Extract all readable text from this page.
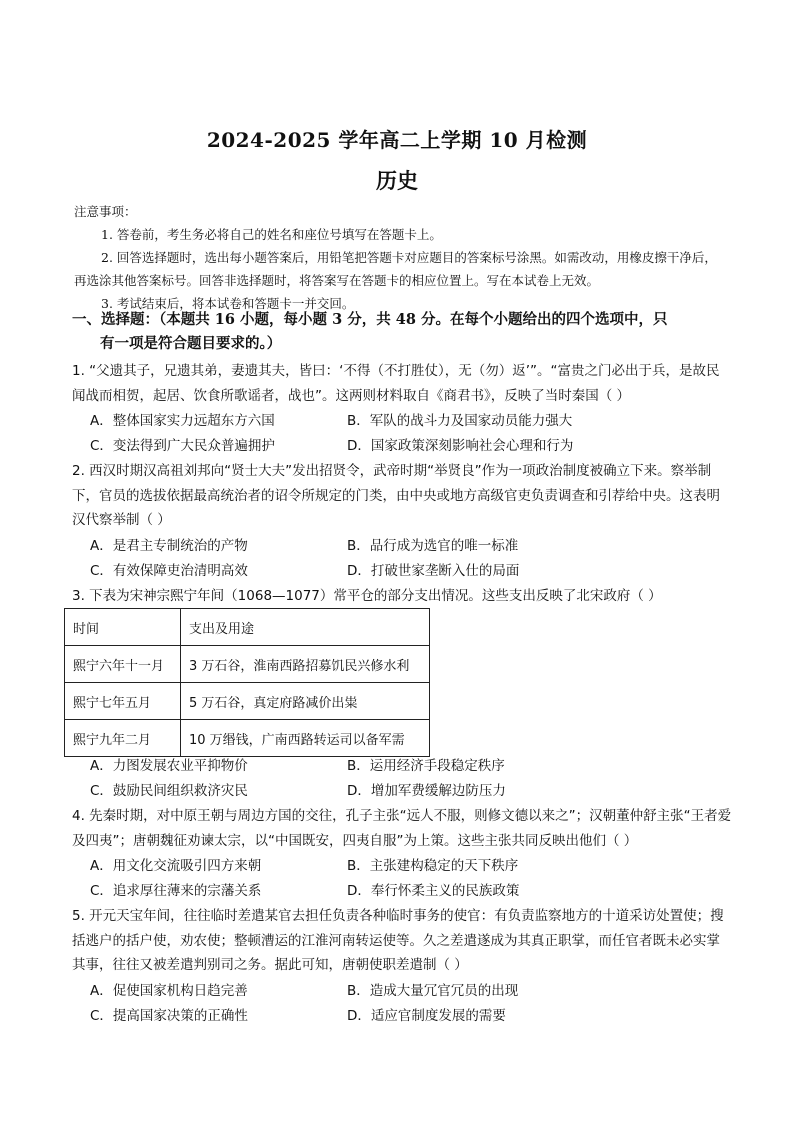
2024-2025 学年高二上学期 10 月检测
历史
注意事项：
1. 答卷前，考生务必将自己的姓名和座位号填写在答题卡上。
2. 回答选择题时，选出每小题答案后，用铅笔把答题卡对应题目的答案标号涂黑。如需改动，用橡皮擦干净后，再选涂其他答案标号。回答非选择题时，将答案写在答题卡的相应位置上。写在本试卷上无效。
3. 考试结束后，将本试卷和答题卡一并交回。
一、选择题：（本题共 16 小题，每小题 3 分，共 48 分。在每个小题给出的四个选项中，只
有一项是符合题目要求的。）
1. “父遗其子，兄遗其弟，妻遗其夫，皆曰：‘不得（不打胜仗），无（勿）返’”。“富贵之门必出于兵，是故民闻战而相贺，起居、饮食所歌谣者，战也”。这两则材料取自《商君书》，反映了当时秦国（ ）
A．整体国家实力远超东方六国	B．军队的战斗力及国家动员能力强大
C．变法得到广大民众普遍拥护	D．国家政策深刻影响社会心理和行为
2. 西汉时期汉高祖刘邦向“贤士大夫”发出招贤令，武帝时期“举贤良”作为一项政治制度被确立下来。察举制下，官员的选拔依据最高统治者的诏令所规定的门类，由中央或地方高级官吏负责调查和引荐给中央。这表明汉代察举制（ ）
A．是君主专制统治的产物	B．品行成为选官的唯一标准
C．有效保障吏治清明高效	D．打破世家垄断入仕的局面
3. 下表为宋神宗熙宁年间（1068—1077）常平仓的部分支出情况。这些支出反映了北宋政府（ ）
时间	支出及用途
熙宁六年十一月	3 万石谷，淮南西路招募饥民兴修水利
熙宁七年五月	5 万石谷，真定府路减价出粜
熙宁九年二月	10 万缗钱，广南西路转运司以备军需
A．力图发展农业平抑物价	B．运用经济手段稳定秩序
C．鼓励民间组织救济灾民	D．增加军费缓解边防压力
4. 先秦时期，对中原王朝与周边方国的交往，孔子主张“远人不服，则修文德以来之”；汉朝董仲舒主张“王者爱及四夷”；唐朝魏征劝谏太宗，以“中国既安，四夷自服”为上策。这些主张共同反映出他们（ ）
A．用文化交流吸引四方来朝	B．主张建构稳定的天下秩序
C．追求厚往薄来的宗藩关系	D．奉行怀柔主义的民族政策
5. 开元天宝年间，往往临时差遣某官去担任负责各种临时事务的使官：有负责监察地方的十道采访处置使；搜括逃户的括户使，劝农使；整顿漕运的江淮河南转运使等。久之差遣遂成为其真正职掌，而任官者既未必实掌其事，往往又被差遣判别司之务。据此可知，唐朝使职差遣制（ ）
A．促使国家机构日趋完善	B．造成大量冗官冗员的出现
C．提高国家决策的正确性	D．适应官制度发展的需要
